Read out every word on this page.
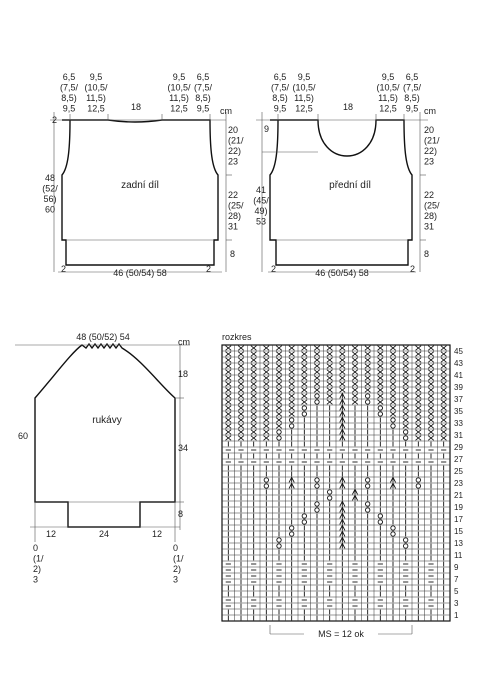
6,5 (7,5/ 8,5) 9,5
9,5 (10,5/ 11,5) 12,5	18
9,5 (10,5/ 11,5) 12,5
6,5 (7,5/ 8,5) 9,5	cm
2
20 (21/ 22) 23
22 (25/ 28) 31
48 (52/ 56) 60
8
2	2
46 (50/54) 58
zadní díl
6,5 (7,5/ 8,5) 9,5
9,5 (10,5/ 11,5) 12,5	18
9,5 (10,5/ 11,5) 12,5
6,5 (7,5/ 8,5) 9,5 cm
9	20 (21/ 22) 23
22 (25/ 28) 31
41 (45/ 49) 53
8
2	2
46 (50/54) 58
přední díl
48 (50/52) 54	cm
18
34
60
8
12	24	12
0 (1/ 2) 3
0 (1/ 2) 3
rukávy
rozkres
45
43
41
39
37
35
33
31
29
27
25
23
21
19
17
15
13
11
9
7
5
3
1
MS = 12 ok
